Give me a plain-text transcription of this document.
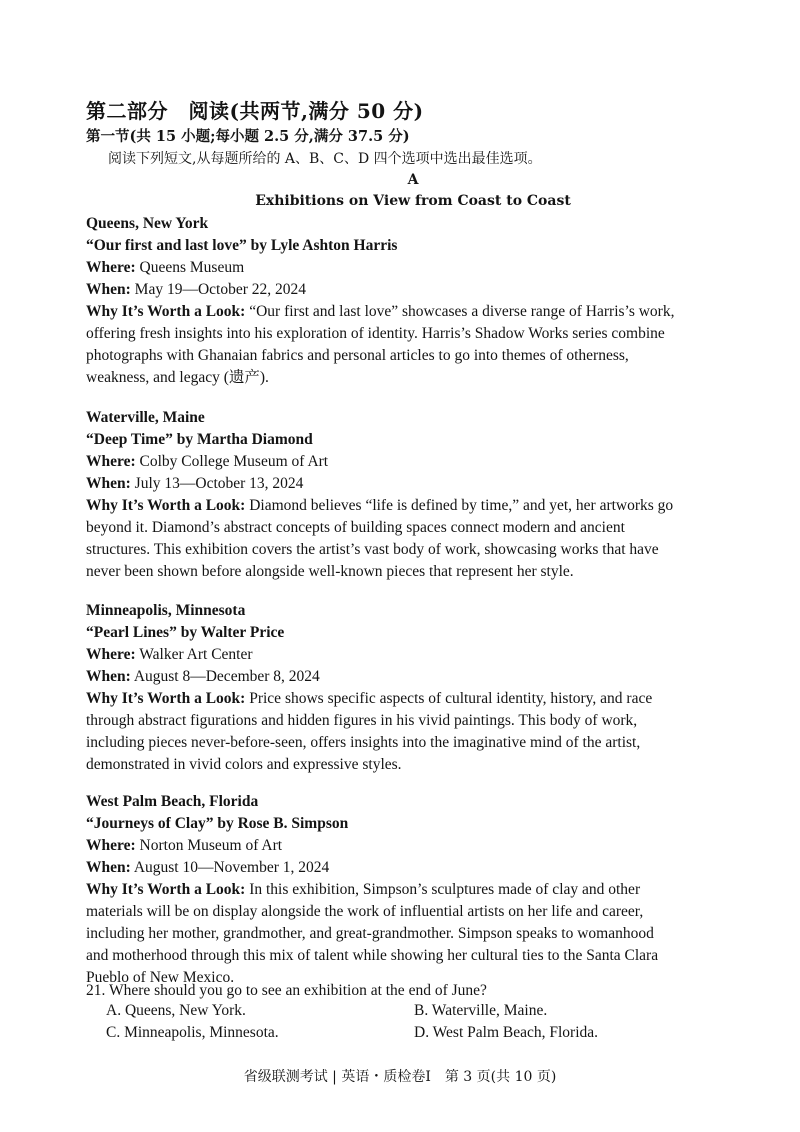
第二部分　阅读(共两节,满分 50 分)
第一节(共 15 小题;每小题 2.5 分,满分 37.5 分)
阅读下列短文,从每题所给的 A、B、C、D 四个选项中选出最佳选项。
A
Exhibitions on View from Coast to Coast
Queens, New York
“Our first and last love” by Lyle Ashton Harris
Where: Queens Museum
When: May 19—October 22, 2024
Why It’s Worth a Look: “Our first and last love” showcases a diverse range of Harris’s work,
offering fresh insights into his exploration of identity. Harris’s Shadow Works series combine
photographs with Ghanaian fabrics and personal articles to go into themes of otherness,
weakness, and legacy (遗产).
Waterville, Maine
“Deep Time” by Martha Diamond
Where: Colby College Museum of Art
When: July 13—October 13, 2024
Why It’s Worth a Look: Diamond believes “life is defined by time,” and yet, her artworks go
beyond it. Diamond’s abstract concepts of building spaces connect modern and ancient
structures. This exhibition covers the artist’s vast body of work, showcasing works that have
never been shown before alongside well-known pieces that represent her style.
Minneapolis, Minnesota
“Pearl Lines” by Walter Price
Where: Walker Art Center
When: August 8—December 8, 2024
Why It’s Worth a Look: Price shows specific aspects of cultural identity, history, and race
through abstract figurations and hidden figures in his vivid paintings. This body of work,
including pieces never-before-seen, offers insights into the imaginative mind of the artist,
demonstrated in vivid colors and expressive styles.
West Palm Beach, Florida
“Journeys of Clay” by Rose B. Simpson
Where: Norton Museum of Art
When: August 10—November 1, 2024
Why It’s Worth a Look: In this exhibition, Simpson’s sculptures made of clay and other
materials will be on display alongside the work of influential artists on her life and career,
including her mother, grandmother, and great-grandmother. Simpson speaks to womanhood
and motherhood through this mix of talent while showing her cultural ties to the Santa Clara
Pueblo of New Mexico.
21. Where should you go to see an exhibition at the end of June?
A. Queens, New York.	B. Waterville, Maine.
C. Minneapolis, Minnesota.	D. West Palm Beach, Florida.
省级联测考试 | 英语・质检卷Ⅰ　第 3 页(共 10 页)
